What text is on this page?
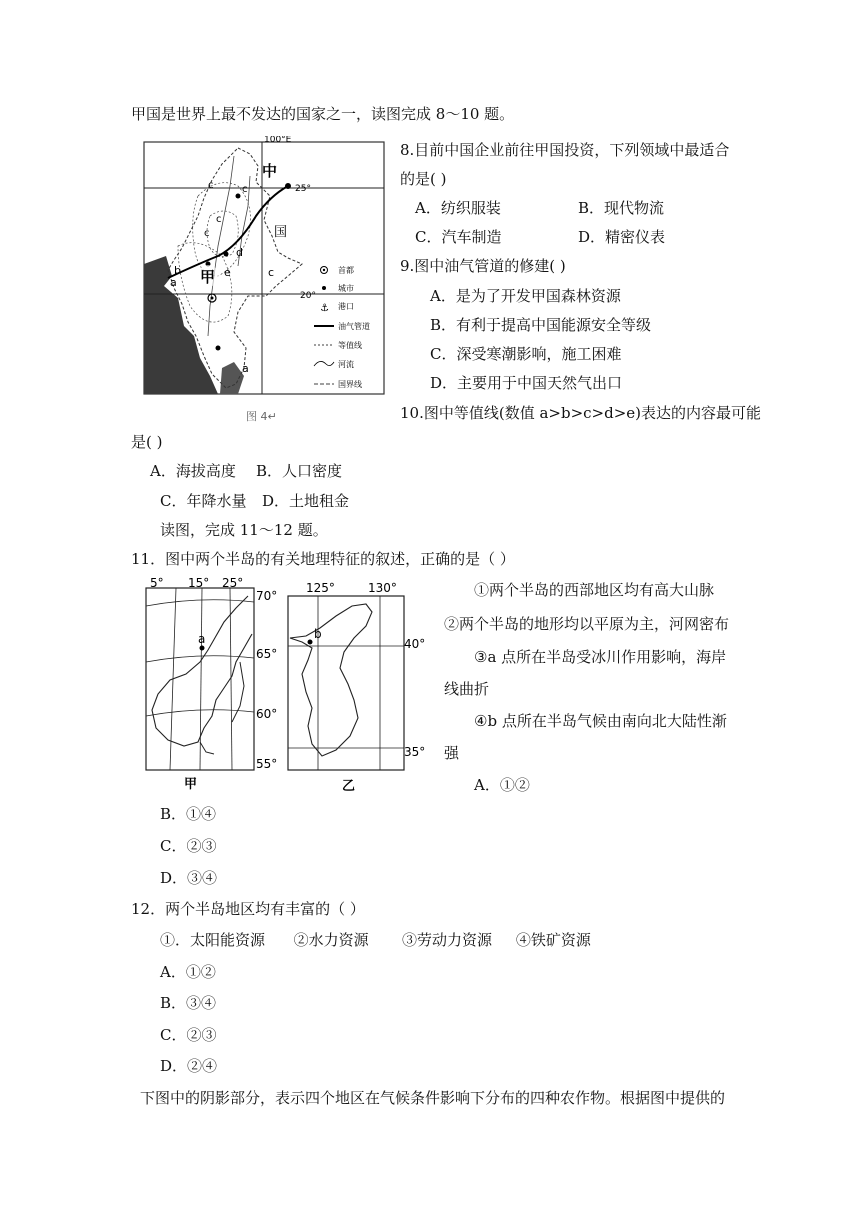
甲国是世界上最不发达的国家之一，读图完成 8～10 题。
100°E
25°
20°
中
国
c	c
c
c
b
a
d
e	c
a
甲	首都
城市
⚓ 港口
油气管道
等值线
河流
国界线
图 4↵
8.目前中国企业前往甲国投资，下列领域中最适合
的是( )
A．纺织服装	B．现代物流
C．汽车制造	D．精密仪表
9.图中油气管道的修建( )
A．是为了开发甲国森林资源
B．有利于提高中国能源安全等级
C．深受寒潮影响，施工困难
D．主要用于中国天然气出口
10.图中等值线(数值 a>b>c>d>e)表达的内容最可能
是( )
A．海拔高度 B．人口密度
C．年降水量 D．土地租金
读图，完成 11～12 题。
11．图中两个半岛的有关地理特征的叙述，正确的是（ ）
5° 15° 25°
a
70°
65°
60°
55°
甲
125°	130°
b
40°
35°
乙
①两个半岛的西部地区均有高大山脉
②两个半岛的地形均以平原为主，河网密布
③a 点所在半岛受冰川作用影响，海岸
线曲折
④b 点所在半岛气候由南向北大陆性渐
强
A．①②
B．①④
C．②③
D．③④
12．两个半岛地区均有丰富的（ ）
①．太阳能资源      ②水力资源       ③劳动力资源     ④铁矿资源
A．①②
B．③④
C．②③
D．②④
下图中的阴影部分，表示四个地区在气候条件影响下分布的四种农作物。根据图中提供的
